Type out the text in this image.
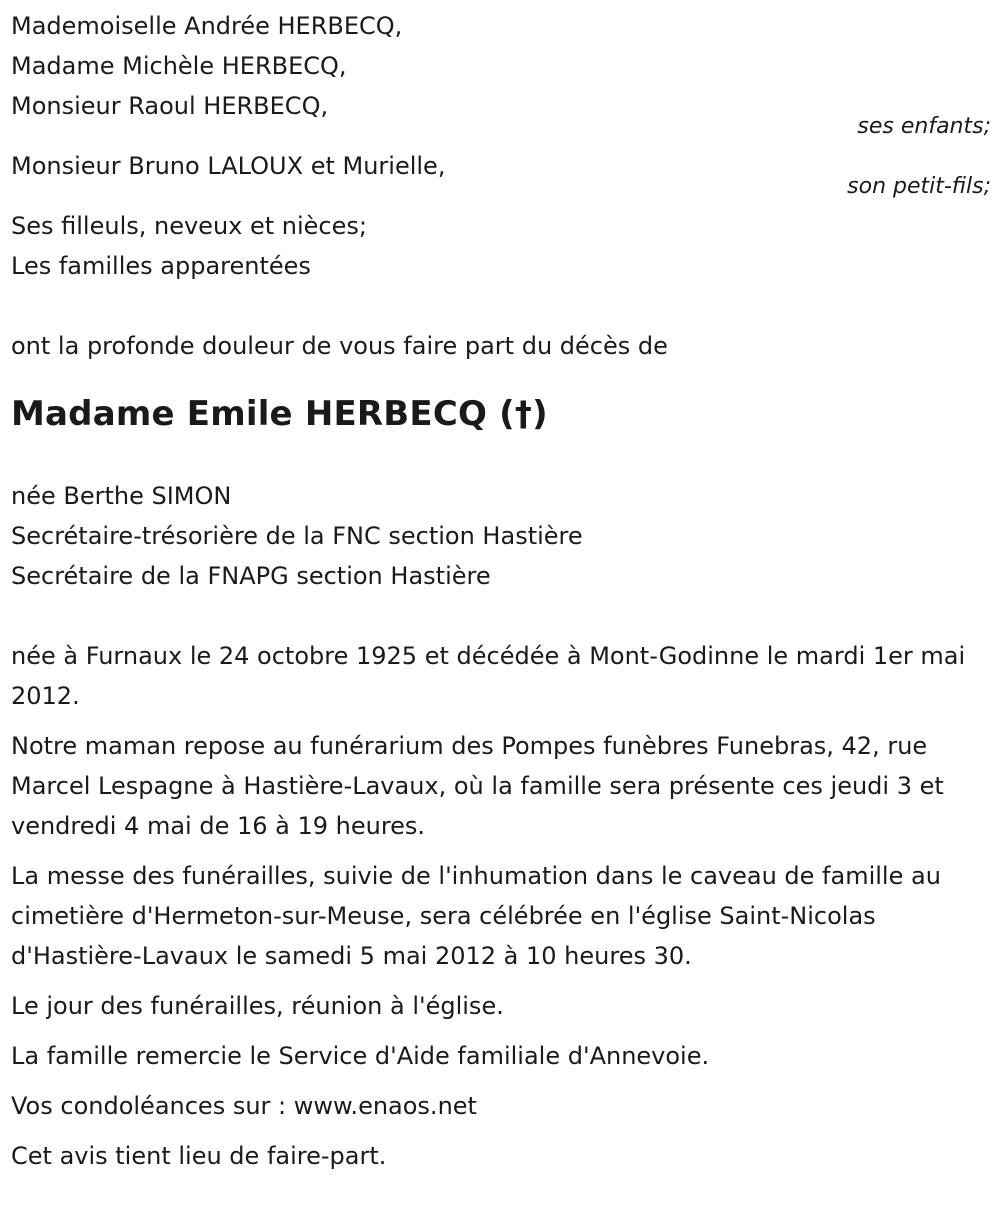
Mademoiselle Andrée HERBECQ,
Madame Michèle HERBECQ,
Monsieur Raoul HERBECQ,
ses enfants;
Monsieur Bruno LALOUX et Murielle,
son petit-fils;
Ses filleuls, neveux et nièces;
Les familles apparentées
ont la profonde douleur de vous faire part du décès de
Madame Emile HERBECQ (†)
née Berthe SIMON
Secrétaire-trésorière de la FNC section Hastière
Secrétaire de la FNAPG section Hastière

née à Furnaux le 24 octobre 1925 et décédée à Mont-Godinne le mardi 1er mai 2012.

Notre maman repose au funérarium des Pompes funèbres Funebras, 42, rue Marcel Lespagne à Hastière-Lavaux, où la famille sera présente ces jeudi 3 et vendredi 4 mai de 16 à 19 heures.

La messe des funérailles, suivie de l'inhumation dans le caveau de famille au cimetière d'Hermeton-sur-Meuse, sera célébrée en l'église Saint-Nicolas d'Hastière-Lavaux le samedi 5 mai 2012 à 10 heures 30.

Le jour des funérailles, réunion à l'église.

La famille remercie le Service d'Aide familiale d'Annevoie.

Vos condoléances sur : www.enaos.net

Cet avis tient lieu de faire-part.
